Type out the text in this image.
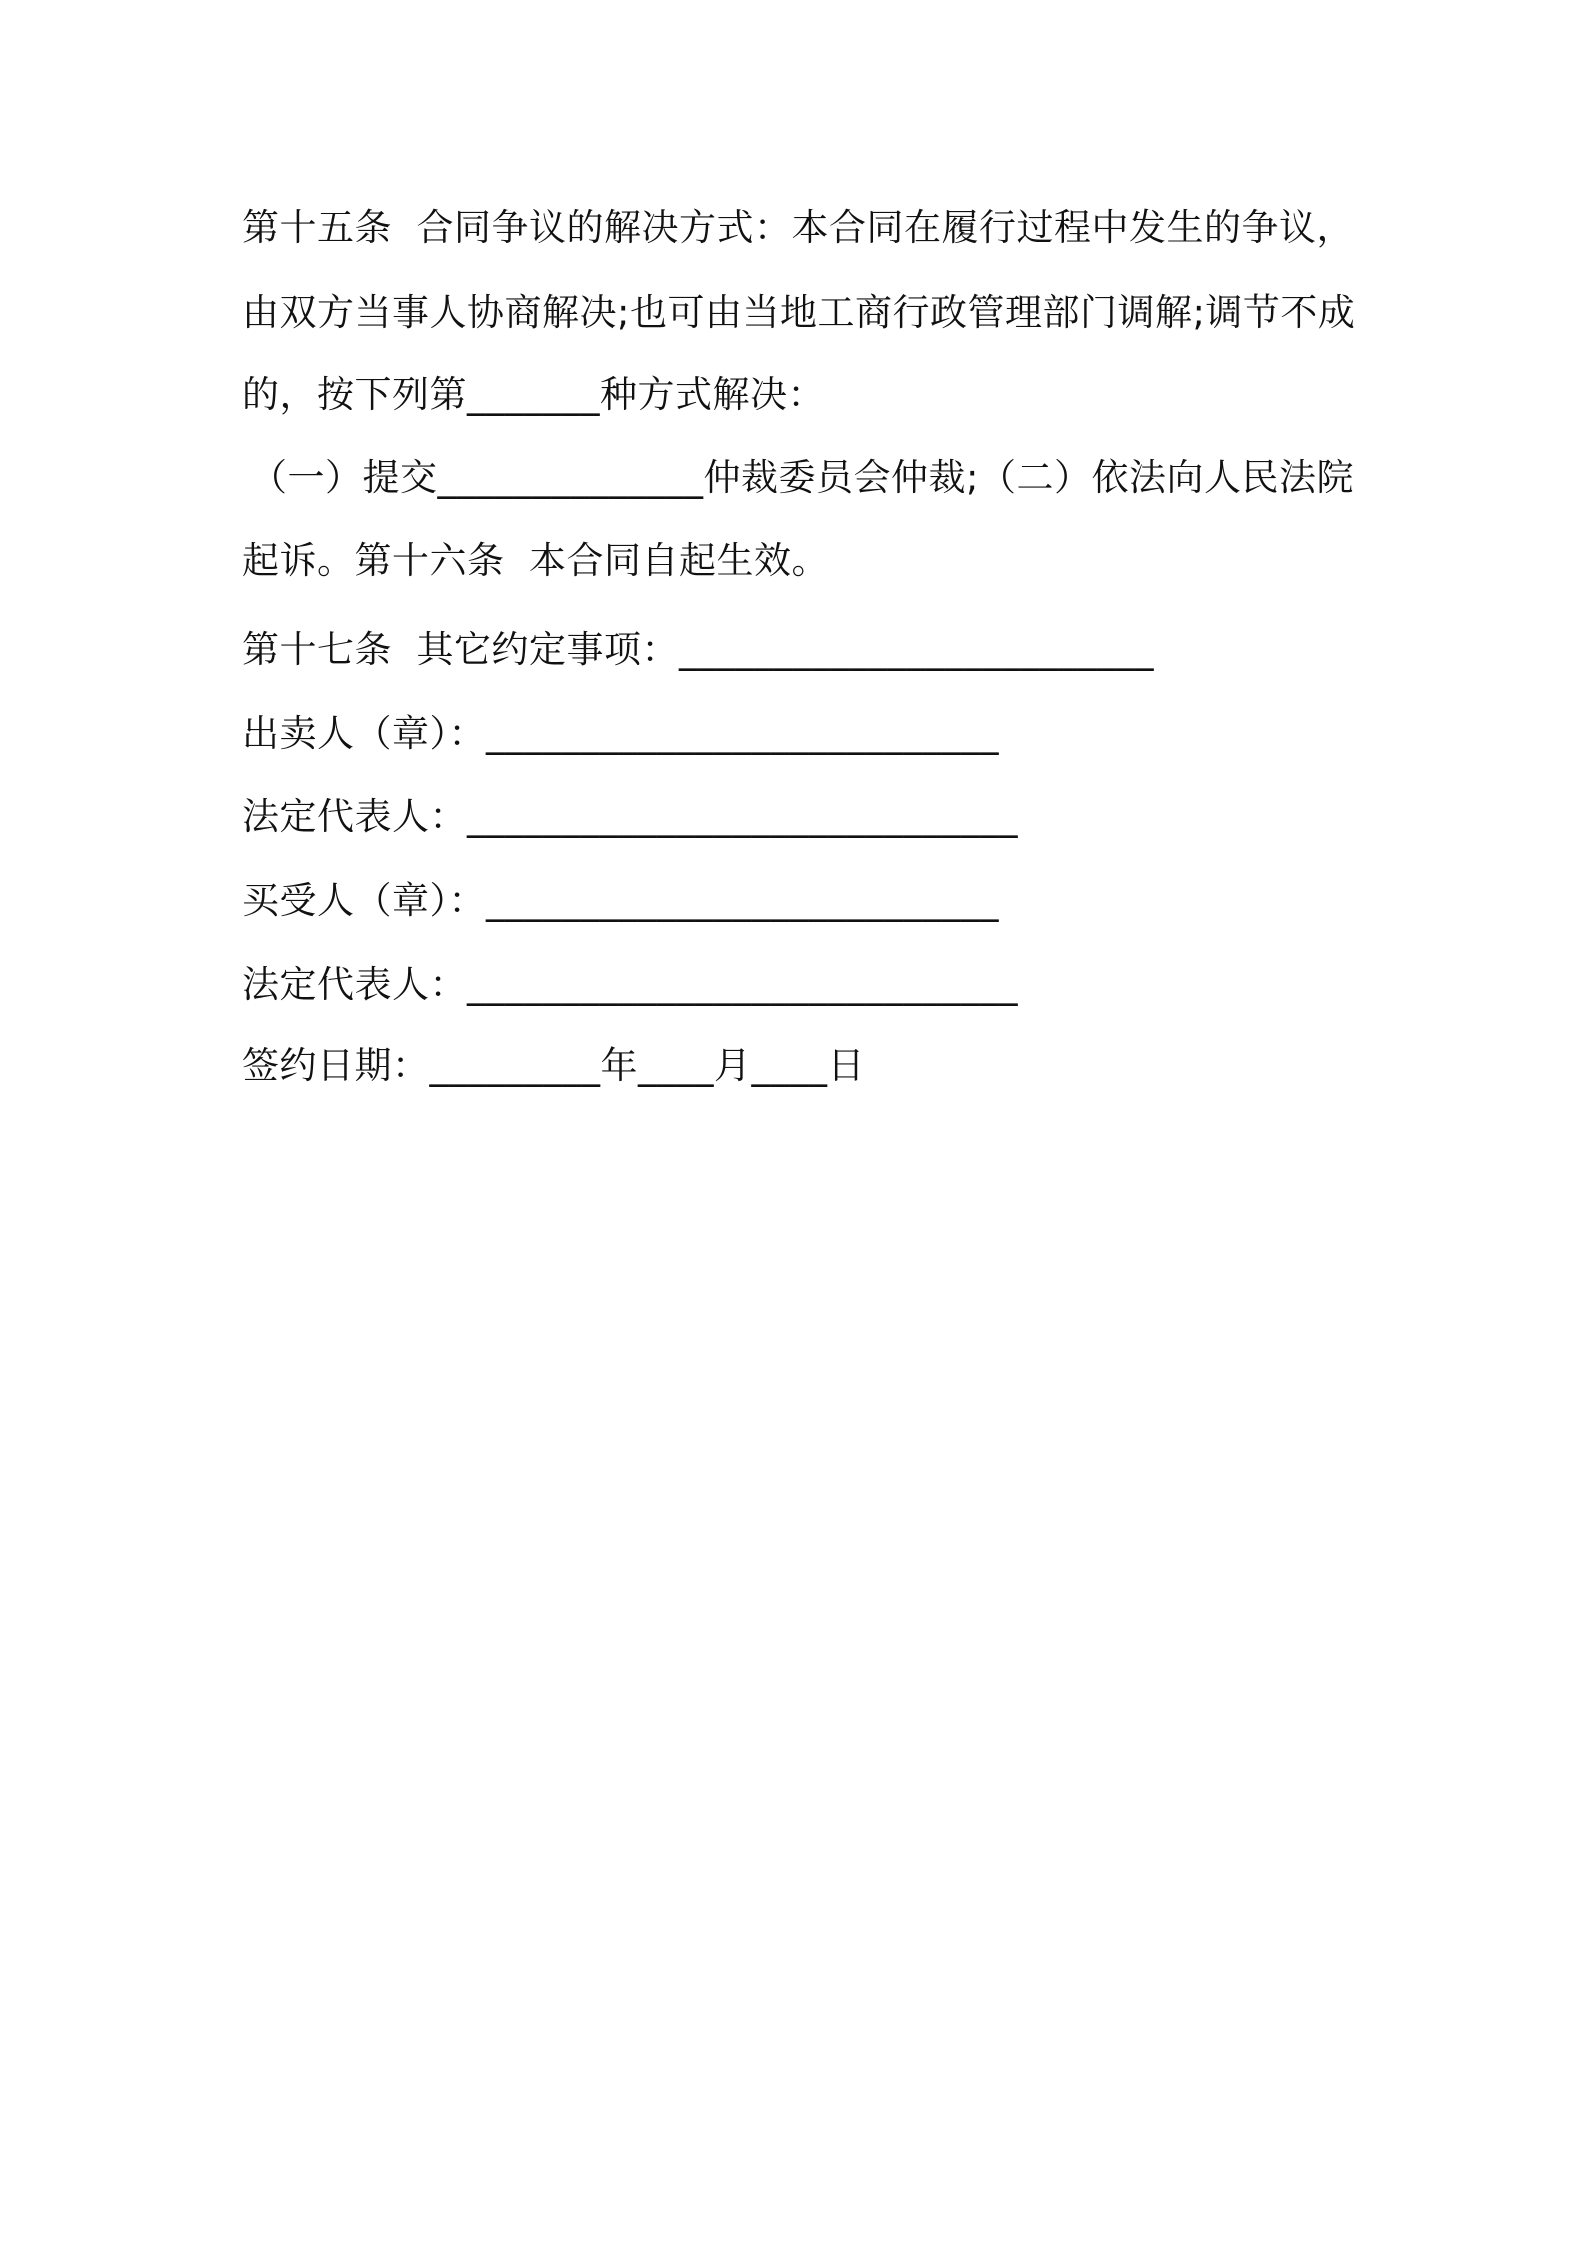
第十五条  合同争议的解决方式：本合同在履行过程中发生的争议，
由双方当事人协商解决;也可由当地工商行政管理部门调解;调节不成
的，按下列第_______种方式解决：
（一）提交______________仲裁委员会仲裁;（二）依法向人民法院
起诉。第十六条  本合同自起生效。
第十七条  其它约定事项：_________________________
出卖人（章）：___________________________
法定代表人：_____________________________
买受人（章）：___________________________
法定代表人：_____________________________
签约日期：_________年____月____日
